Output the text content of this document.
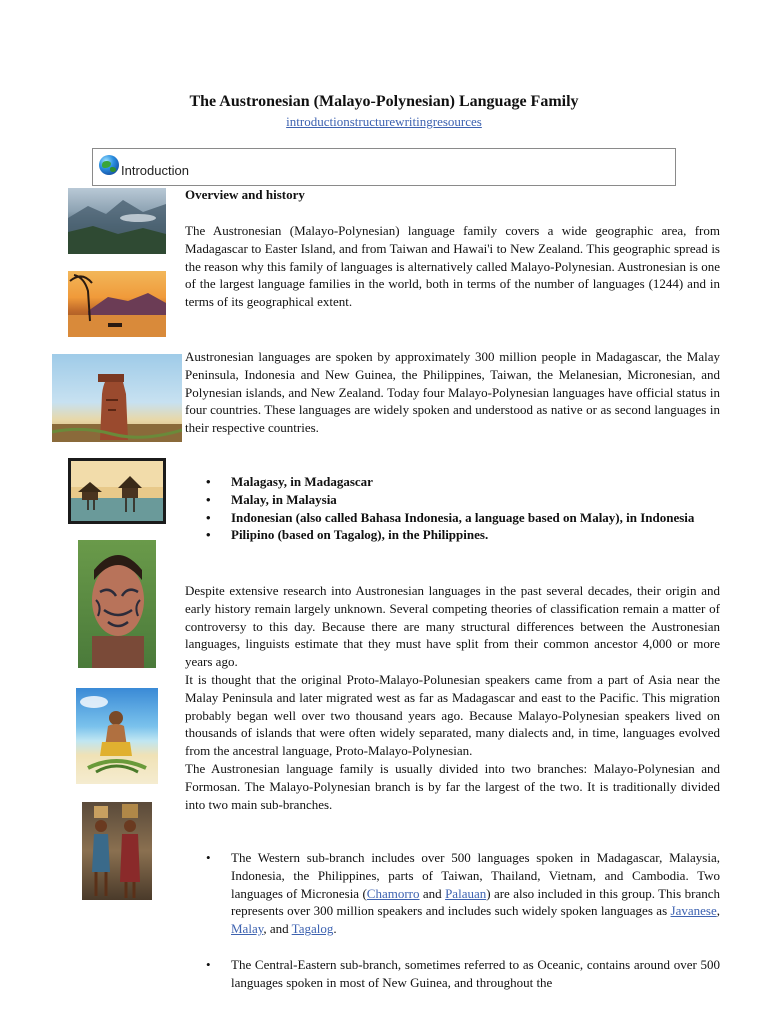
The Austronesian (Malayo-Polynesian) Language Family
introductionstructurewritingresources
Introduction
Overview and history

The Austronesian (Malayo-Polynesian) language family covers a wide geographic area, from Madagascar to Easter Island, and from Taiwan and Hawai'i to New Zealand. This geographic spread is the reason why this family of languages is alternatively called Malayo-Polynesian. Austronesian is one of the largest language families in the world, both in terms of the number of languages (1244) and in terms of its geographical extent.

Austronesian languages are spoken by approximately 300 million people in Madagascar, the Malay Peninsula, Indonesia and New Guinea, the Philippines, Taiwan, the Melanesian, Micronesian, and Polynesian islands, and New Zealand. Today four Malayo-Polynesian languages have official status in four countries. These languages are widely spoken and understood as native or as second languages in their respective countries.

• Malagasy, in Madagascar
• Malay, in Malaysia
• Indonesian (also called Bahasa Indonesia, a language based on Malay), in Indonesia
• Pilipino (based on Tagalog), in the Philippines.

Despite extensive research into Austronesian languages in the past several decades, their origin and early history remain largely unknown. Several competing theories of classification remain a matter of controversy to this day. Because there are many structural differences between the Austronesian languages, linguists estimate that they must have split from their common ancestor 4,000 or more years ago.

It is thought that the original Proto-Malayo-Polunesian speakers came from a part of Asia near the Malay Peninsula and later migrated west as far as Madagascar and east to the Pacific. This migration probably began well over two thousand years ago. Because Malayo-Polynesian speakers lived on thousands of islands that were often widely separated, many dialects and, in time, languages evolved from the ancestral language, Proto-Malayo-Polynesian.

The Austronesian language family is usually divided into two branches: Malayo-Polynesian and Formosan. The Malayo-Polynesian branch is by far the largest of the two. It is traditionally divided into two main sub-branches.

• The Western sub-branch includes over 500 languages spoken in Madagascar, Malaysia, Indonesia, the Philippines, parts of Taiwan, Thailand, Vietnam, and Cambodia. Two languages of Micronesia (Chamorro and Palauan) are also included in this group. This branch represents over 300 million speakers and includes such widely spoken languages as Javanese, Malay, and Tagalog.
• The Central-Eastern sub-branch, sometimes referred to as Oceanic, contains around over 500 languages spoken in most of New Guinea, and throughout the
